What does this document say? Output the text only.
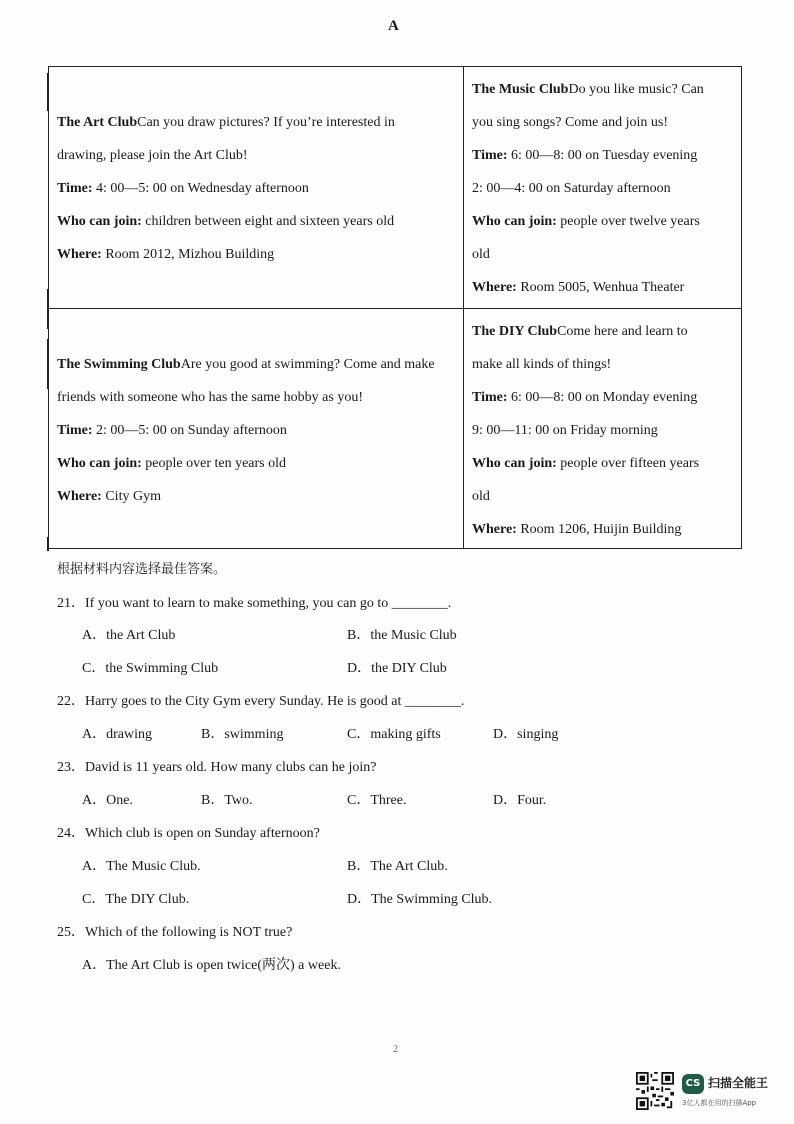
A
The Art ClubCan you draw pictures? If you’re interested in
drawing, please join the Art Club!
Time: 4: 00—5: 00 on Wednesday afternoon
Who can join: children between eight and sixteen years old
Where: Room 2012, Mizhou Building
The Music ClubDo you like music? Can
you sing songs? Come and join us!
Time: 6: 00—8: 00 on Tuesday evening
2: 00—4: 00 on Saturday afternoon
Who can join: people over twelve years
old
Where: Room 5005, Wenhua Theater
The Swimming ClubAre you good at swimming? Come and make
friends with someone who has the same hobby as you!
Time: 2: 00—5: 00 on Sunday afternoon
Who can join: people over ten years old
Where: City Gym
The DIY ClubCome here and learn to
make all kinds of things!
Time: 6: 00—8: 00 on Monday evening
9: 00—11: 00 on Friday morning
Who can join: people over fifteen years
old
Where: Room 1206, Huijin Building
根据材料内容选择最佳答案。
21．If you want to learn to make something, you can go to ________.
A．the Art Club	B．the Music Club
C．the Swimming Club	D．the DIY Club
22．Harry goes to the City Gym every Sunday. He is good at ________.
A．drawing	B．swimming	C．making gifts	D．singing
23．David is 11 years old. How many clubs can he join?
A．One.	B．Two.	C．Three.	D．Four.
24．Which club is open on Sunday afternoon?
A．The Music Club.	B．The Art Club.
C．The DIY Club.	D．The Swimming Club.
25．Which of the following is NOT true?
A．The Art Club is open twice(两次) a week.
2
CS 扫描全能王
3亿人都在用的扫描App
